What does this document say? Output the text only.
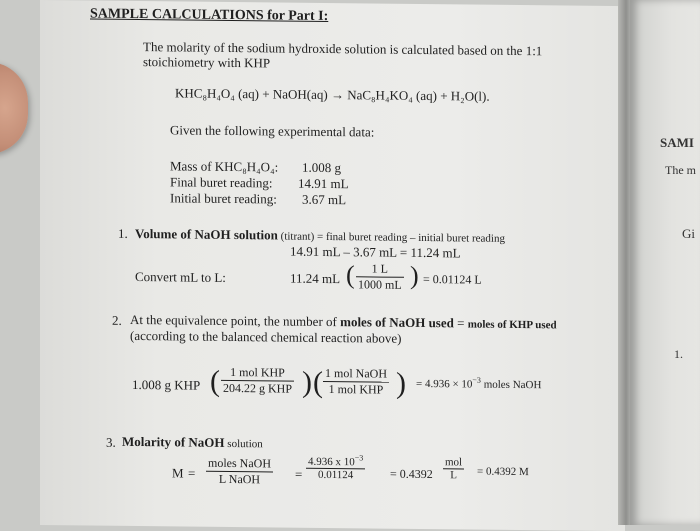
SAMPLE CALCULATIONS for Part I:
The molarity of the sodium hydroxide solution is calculated based on the 1:1
stoichiometry with KHP
KHC₈H₄O₄ (aq) + NaOH(aq) → NaC₈H₄KO₄ (aq) + H₂O(l).
Given the following experimental data:
Mass of KHC₈H₄O₄: 1.008 g
Final buret reading: 14.91 mL
Initial buret reading: 3.67 mL
1. Volume of NaOH solution (titrant) = final buret reading – initial buret reading
14.91 mL – 3.67 mL = 11.24 mL
Convert mL to L:	11.24 mL ( $\frac{1 L}{1000 mL}$ ) = 0.01124 L
2. At the equivalence point, the number of moles of NaOH used = moles of KHP used
(according to the balanced chemical reaction above)
1.008 g KHP ( 1 mol KHP
204.22 g KHP ) ( 1 mol NaOH
1 mol KHP ) = $4.936 \times 10^{-3}$ moles NaOH
3. Molarity of NaOH solution
M =
moles NaOH
L NaOH	= $\frac{4.936 x 10^{-3}}{0.01124} = 0.4392$
mol
L	= 0.4392 M
SAMI
The m
Gi
1.
